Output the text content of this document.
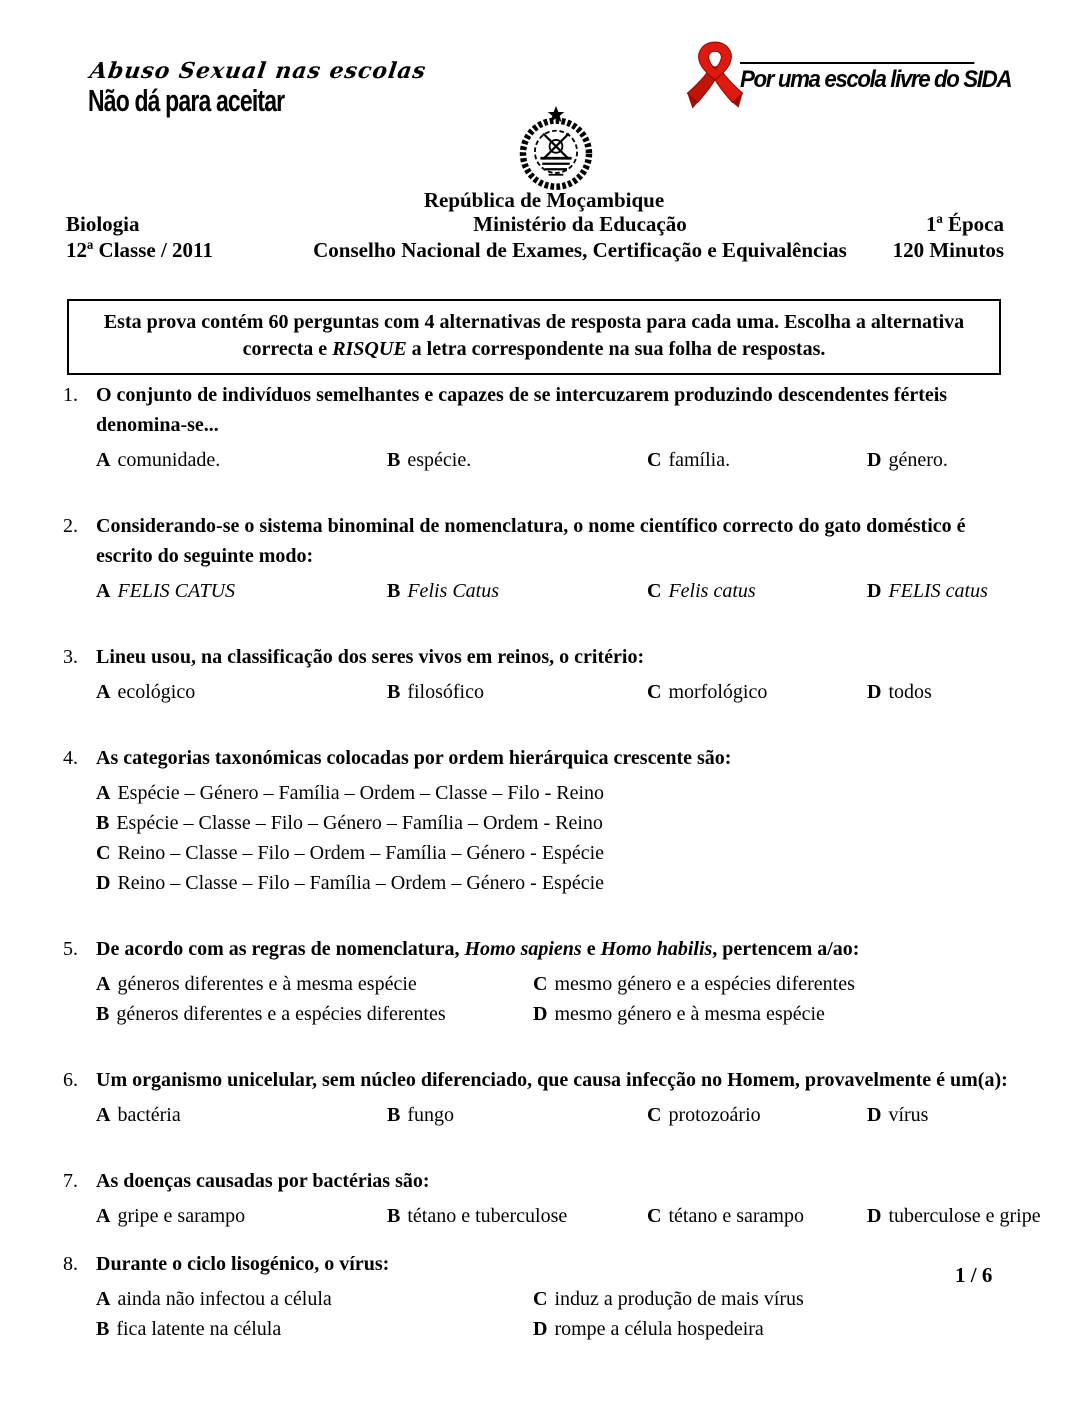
Abuso Sexual nas escolas
Não dá para aceitar
Por uma escola livre do SIDA
República de Moçambique
Biologia	Ministério da Educação	1ª Época
12ª Classe / 2011	Conselho Nacional de Exames, Certificação e Equivalências	120 Minutos
Esta prova contém 60 perguntas com 4 alternativas de resposta para cada uma. Escolha a alternativa correcta e RISQUE a letra correspondente na sua folha de respostas.
1. O conjunto de indivíduos semelhantes e capazes de se intercuzarem produzindo descendentes férteis denomina-se...
A comunidade.	B espécie.	C família.	D género.
2. Considerando-se o sistema binominal de nomenclatura, o nome científico correcto do gato doméstico é escrito do seguinte modo:
A FELIS CATUS	B Felis Catus	C Felis catus	D FELIS catus
3. Lineu usou, na classificação dos seres vivos em reinos, o critério:
A ecológico	B filosófico	C morfológico	D todos
4. As categorias taxonómicas colocadas por ordem hierárquica crescente são:
A Espécie – Género – Família – Ordem – Classe – Filo - Reino
B Espécie – Classe – Filo – Género – Família – Ordem - Reino
C Reino – Classe – Filo – Ordem – Família – Género - Espécie
D Reino – Classe – Filo – Família – Ordem – Género - Espécie
5. De acordo com as regras de nomenclatura, Homo sapiens e Homo habilis, pertencem a/ao:
A géneros diferentes e à mesma espécie	C mesmo género e a espécies diferentes
B géneros diferentes e a espécies diferentes	D mesmo género e à mesma espécie
6. Um organismo unicelular, sem núcleo diferenciado, que causa infecção no Homem, provavelmente é um(a):
A bactéria	B fungo	C protozoário	D vírus
7. As doenças causadas por bactérias são:
A gripe e sarampo	B tétano e tuberculose	C tétano e sarampo	D tuberculose e gripe
8. Durante o ciclo lisogénico, o vírus:
A ainda não infectou a célula	C induz a produção de mais vírus
B fica latente na célula	D rompe a célula hospedeira
1 / 6
